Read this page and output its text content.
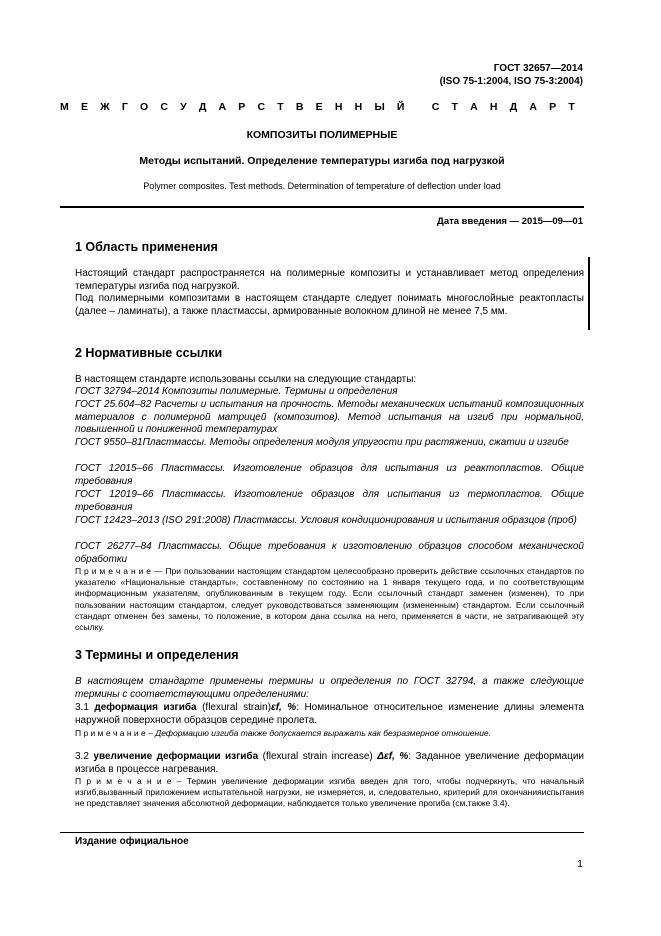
ГОСТ 32657—2014
(ISO 75-1:2004, ISO 75-3:2004)
М Е Ж Г О С У Д А Р С Т В Е Н Н Ы Й
	С Т А Н Д А Р Т
КОМПОЗИТЫ ПОЛИМЕРНЫЕ
Методы испытаний. Определение температуры изгиба под нагрузкой
Polymer composites. Test methods. Determination of temperature of deflection under load
Дата введения — 2015—09—01
1 Область применения
Настоящий стандарт распространяется на полимерные композиты и устанавливает метод определения температуры изгиба под нагрузкой.
Под полимерными композитами в настоящем стандарте следует понимать многослойные реактопласты (далее – ламинаты), а также пластмассы, армированные волокном длиной не менее 7,5 мм.
2 Нормативные ссылки
В настоящем стандарте использованы ссылки на следующие стандарты:
ГОСТ 32794–2014 Композиты полимерные. Термины и определения
ГОСТ 25.604–82 Расчеты и испытания на прочность. Методы механических испытаний композиционных материалов с полимерной матрицей (композитов). Метод испытания на изгиб при нормальной, повышенной и пониженной температурах
ГОСТ 9550–81Пластмассы. Методы определения модуля упругости при растяжении, сжатии и изгибе
ГОСТ 12015–66 Пластмассы. Изготовление образцов для испытания из реактопластов. Общие требования
ГОСТ 12019–66 Пластмассы. Изготовление образцов для испытания из термопластов. Общие требования
ГОСТ 12423–2013 (ISO 291:2008) Пластмассы. Условия кондиционирования и испытания образцов (проб)
ГОСТ 26277–84 Пластмассы. Общие требования к изготовлению образцов способом механической обработки
П р и м е ч а н и е — При пользовании настоящим стандартом целесообразно проверить действие ссылочных стандартов по указателю «Национальные стандарты», составленному по состоянию на 1 января текущего года, и по соответствующим информационным указателям, опубликованным в текущем году. Если ссылочный стандарт заменен (изменен), то при пользовании настоящим стандартом, следует руководствоваться заменяющим (измененным) стандартом. Если ссылочный стандарт отменен без замены, то положение, в котором дана ссылка на него, применяется в части, не затрагивающей эту ссылку.
3 Термины и определения
В настоящем стандарте применены термины и определения по ГОСТ 32794, а также следующие термины с соответствующими определениями:
3.1 деформация изгиба (flexural strain)εf, %: Номинальное относительное изменение длины элемента наружной поверхности образцов середине пролета.
П р и м е ч а н и е – Деформацию изгиба также допускается выражать как безразмерное отношение.
3.2 увеличение деформации изгиба (flexural strain increase) Δεf, %: Заданное увеличение деформации изгиба в процессе нагревания.
П р и м е ч а н и е – Термин увеличение деформации изгиба введен для того, чтобы подчеркнуть, что начальный изгиб,вызванный приложением испытательной нагрузки, не измеряется, и, следовательно, критерий для окончанияиспытания не представляет значения абсолютной деформации, наблюдается только увеличение прогиба (см.также 3.4).
Издание официальное
1
